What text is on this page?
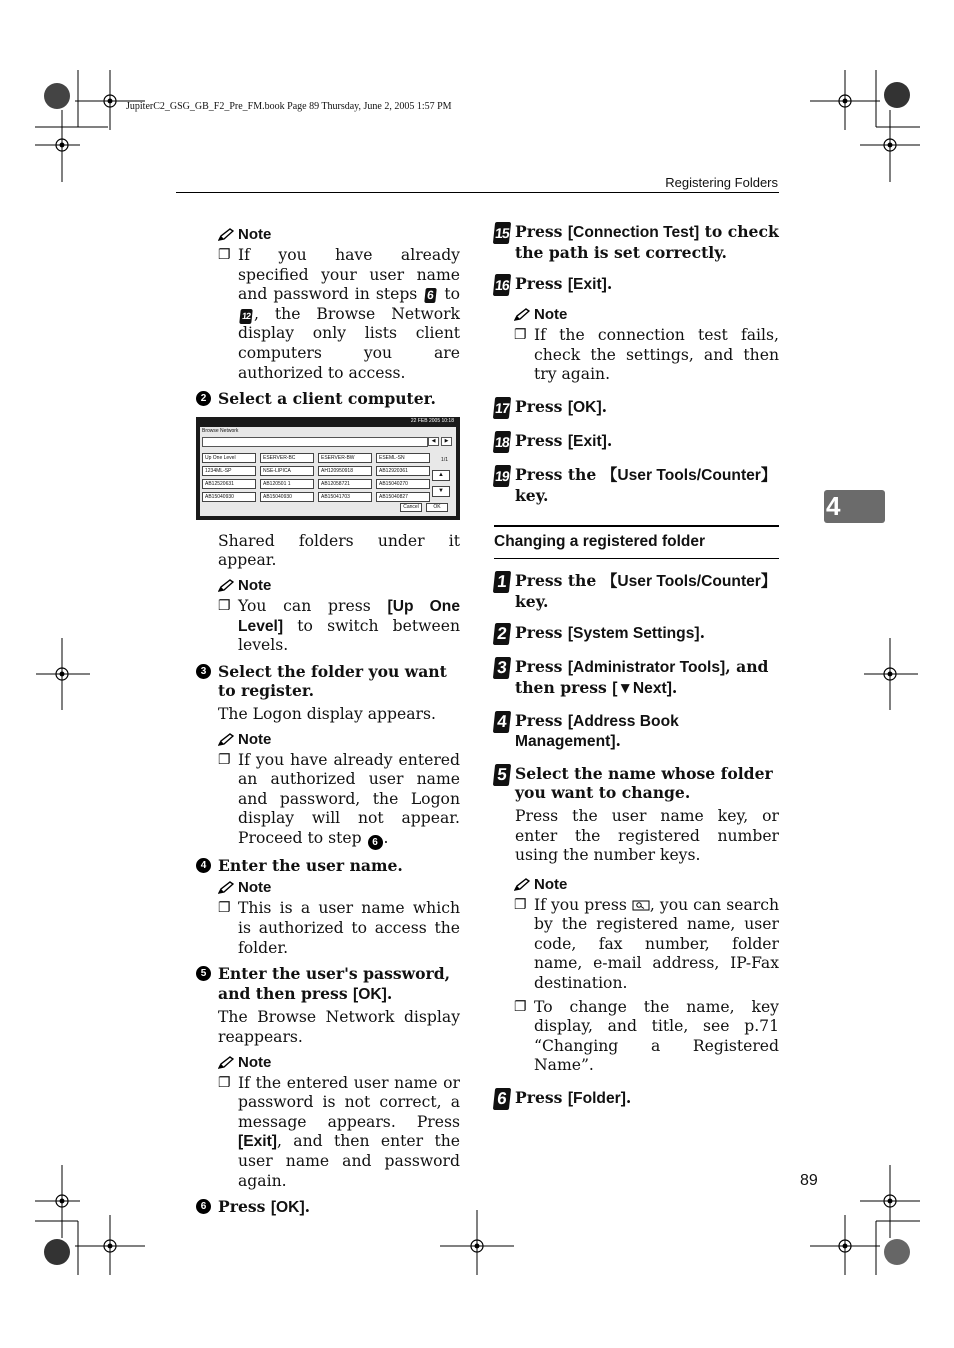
JupiterC2_GSG_GB_F2_Pre_FM.book Page 89 Thursday, June 2, 2005 1:57 PM
Registering Folders
4
89
Note
❐ If you have already specified your user name and password in steps 6 to 12 , the Browse Network display only lists client computers you are authorized to access.
2 Select a client computer.
22 FEB 2005 10:18
Browse Network
◀	▶
Up One Level	ESERVER-BC	ESERVER-BW	ESEML-SN
1234ML-SP	NSE-LIPICA	AH120950918	AB12920361
AB12520631	AB120501 1	AB12058721	AB15040270
AB15040930	AB15040930	AB15041703	AB15040827
1/1
▲
▼
Cancel	OK
Shared folders under it appear.
Note
❐ You can press [Up One Level] to switch between levels.
3 Select the folder you want to register.
The Logon display appears.
Note
❐ If you have already entered an authorized user name and password, the Logon display will not appear. Proceed to step 6 .
4 Enter the user name.
Note
❐ This is a user name which is authorized to access the folder.
5 Enter the user's password, and then press [OK].
The Browse Network display reappears.
Note
❐ If the entered user name or password is not correct, a message appears. Press [Exit], and then enter the user name and password again.
6 Press [OK].
15 Press [Connection Test] to check the path is set correctly.
16 Press [Exit].
Note
❐ If the connection test fails, check the settings, and then try again.
17 Press [OK].
18 Press [Exit].
19 Press the 【User Tools/Counter】 key.
Changing a registered folder
1 Press the 【User Tools/Counter】 key.
2 Press [System Settings].
3 Press [Administrator Tools], and then press [▼Next].
4 Press [Address Book Management].
5 Select the name whose folder you want to change.
Press the user name key, or enter the registered number using the number keys.
Note
❐ If you press , you can search by the registered name, user code, fax number, folder name, e-mail address, IP-Fax destination.
❐ To change the name, key display, and title, see p.71 “Changing a Registered Name”.
6 Press [Folder].
